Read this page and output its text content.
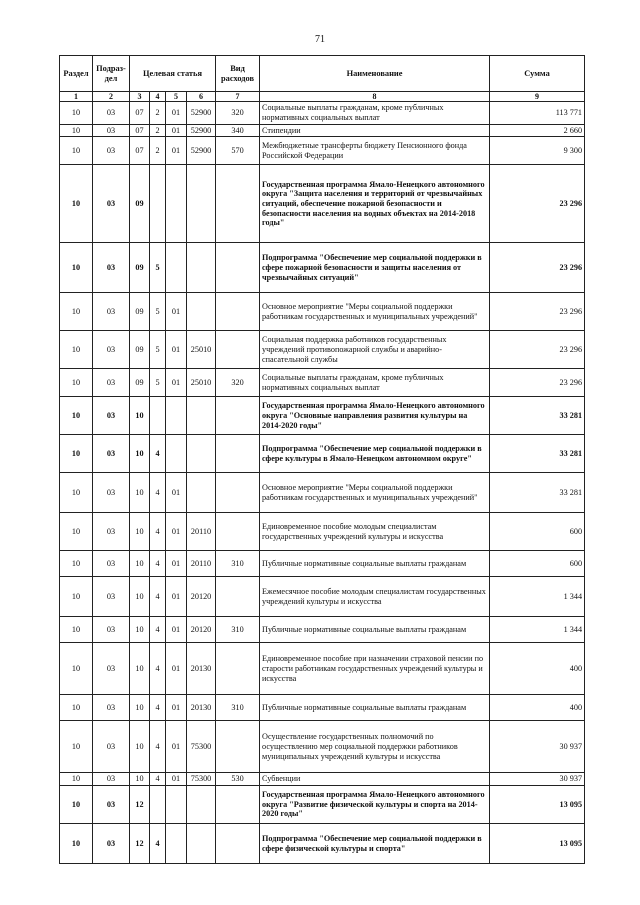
71
Раздел	Подраз-дел	Целевая статья				Вид расходов	Наименование	Сумма
1	2	3	4	5	6	7	8	9
10	03	07	2	01	52900	320	Социальные выплаты гражданам, кроме публичных нормативных социальных выплат	113 771
10	03	07	2	01	52900	340	Стипендии	2 660
10	03	07	2	01	52900	570	Межбюджетные трансферты бюджету Пенсионного фонда Российской Федерации	9 300
10	03	09					Государственная программа Ямало-Ненецкого автономного округа "Защита населения и территорий от чрезвычайных ситуаций, обеспечение пожарной безопасности и безопасности населения на водных объектах на 2014-2018 годы"	23 296
10	03	09	5				Подпрограмма "Обеспечение мер социальной поддержки в сфере пожарной безопасности и защиты населения от чрезвычайных ситуаций"	23 296
10	03	09	5	01			Основное мероприятие "Меры социальной поддержки работникам государственных и муниципальных учреждений"	23 296
10	03	09	5	01	25010		Социальная поддержка работников государственных учреждений противопожарной службы и аварийно-спасательной службы	23 296
10	03	09	5	01	25010	320	Социальные выплаты гражданам, кроме публичных нормативных социальных выплат	23 296
10	03	10					Государственная программа Ямало-Ненецкого автономного округа "Основные направления развития культуры на 2014-2020 годы"	33 281
10	03	10	4				Подпрограмма "Обеспечение мер социальной поддержки в сфере культуры в Ямало-Ненецком автономном округе"	33 281
10	03	10	4	01			Основное мероприятие "Меры социальной поддержки работникам государственных и муниципальных учреждений"	33 281
10	03	10	4	01	20110		Единовременное пособие молодым специалистам государственных учреждений культуры и искусства	600
10	03	10	4	01	20110	310	Публичные нормативные социальные выплаты гражданам	600
10	03	10	4	01	20120		Ежемесячное пособие молодым специалистам государственных учреждений культуры и искусства	1 344
10	03	10	4	01	20120	310	Публичные нормативные социальные выплаты гражданам	1 344
10	03	10	4	01	20130		Единовременное пособие при назначении страховой пенсии по старости работникам государственных учреждений культуры и искусства	400
10	03	10	4	01	20130	310	Публичные нормативные социальные выплаты гражданам	400
10	03	10	4	01	75300		Осуществление государственных полномочий по осуществлению мер социальной поддержки работников муниципальных учреждений культуры и искусства	30 937
10	03	10	4	01	75300	530	Субвенции	30 937
10	03	12					Государственная программа Ямало-Ненецкого автономного округа "Развитие физической культуры и спорта на 2014-2020 годы"	13 095
10	03	12	4				Подпрограмма "Обеспечение мер социальной поддержки в сфере физической культуры и спорта"	13 095
